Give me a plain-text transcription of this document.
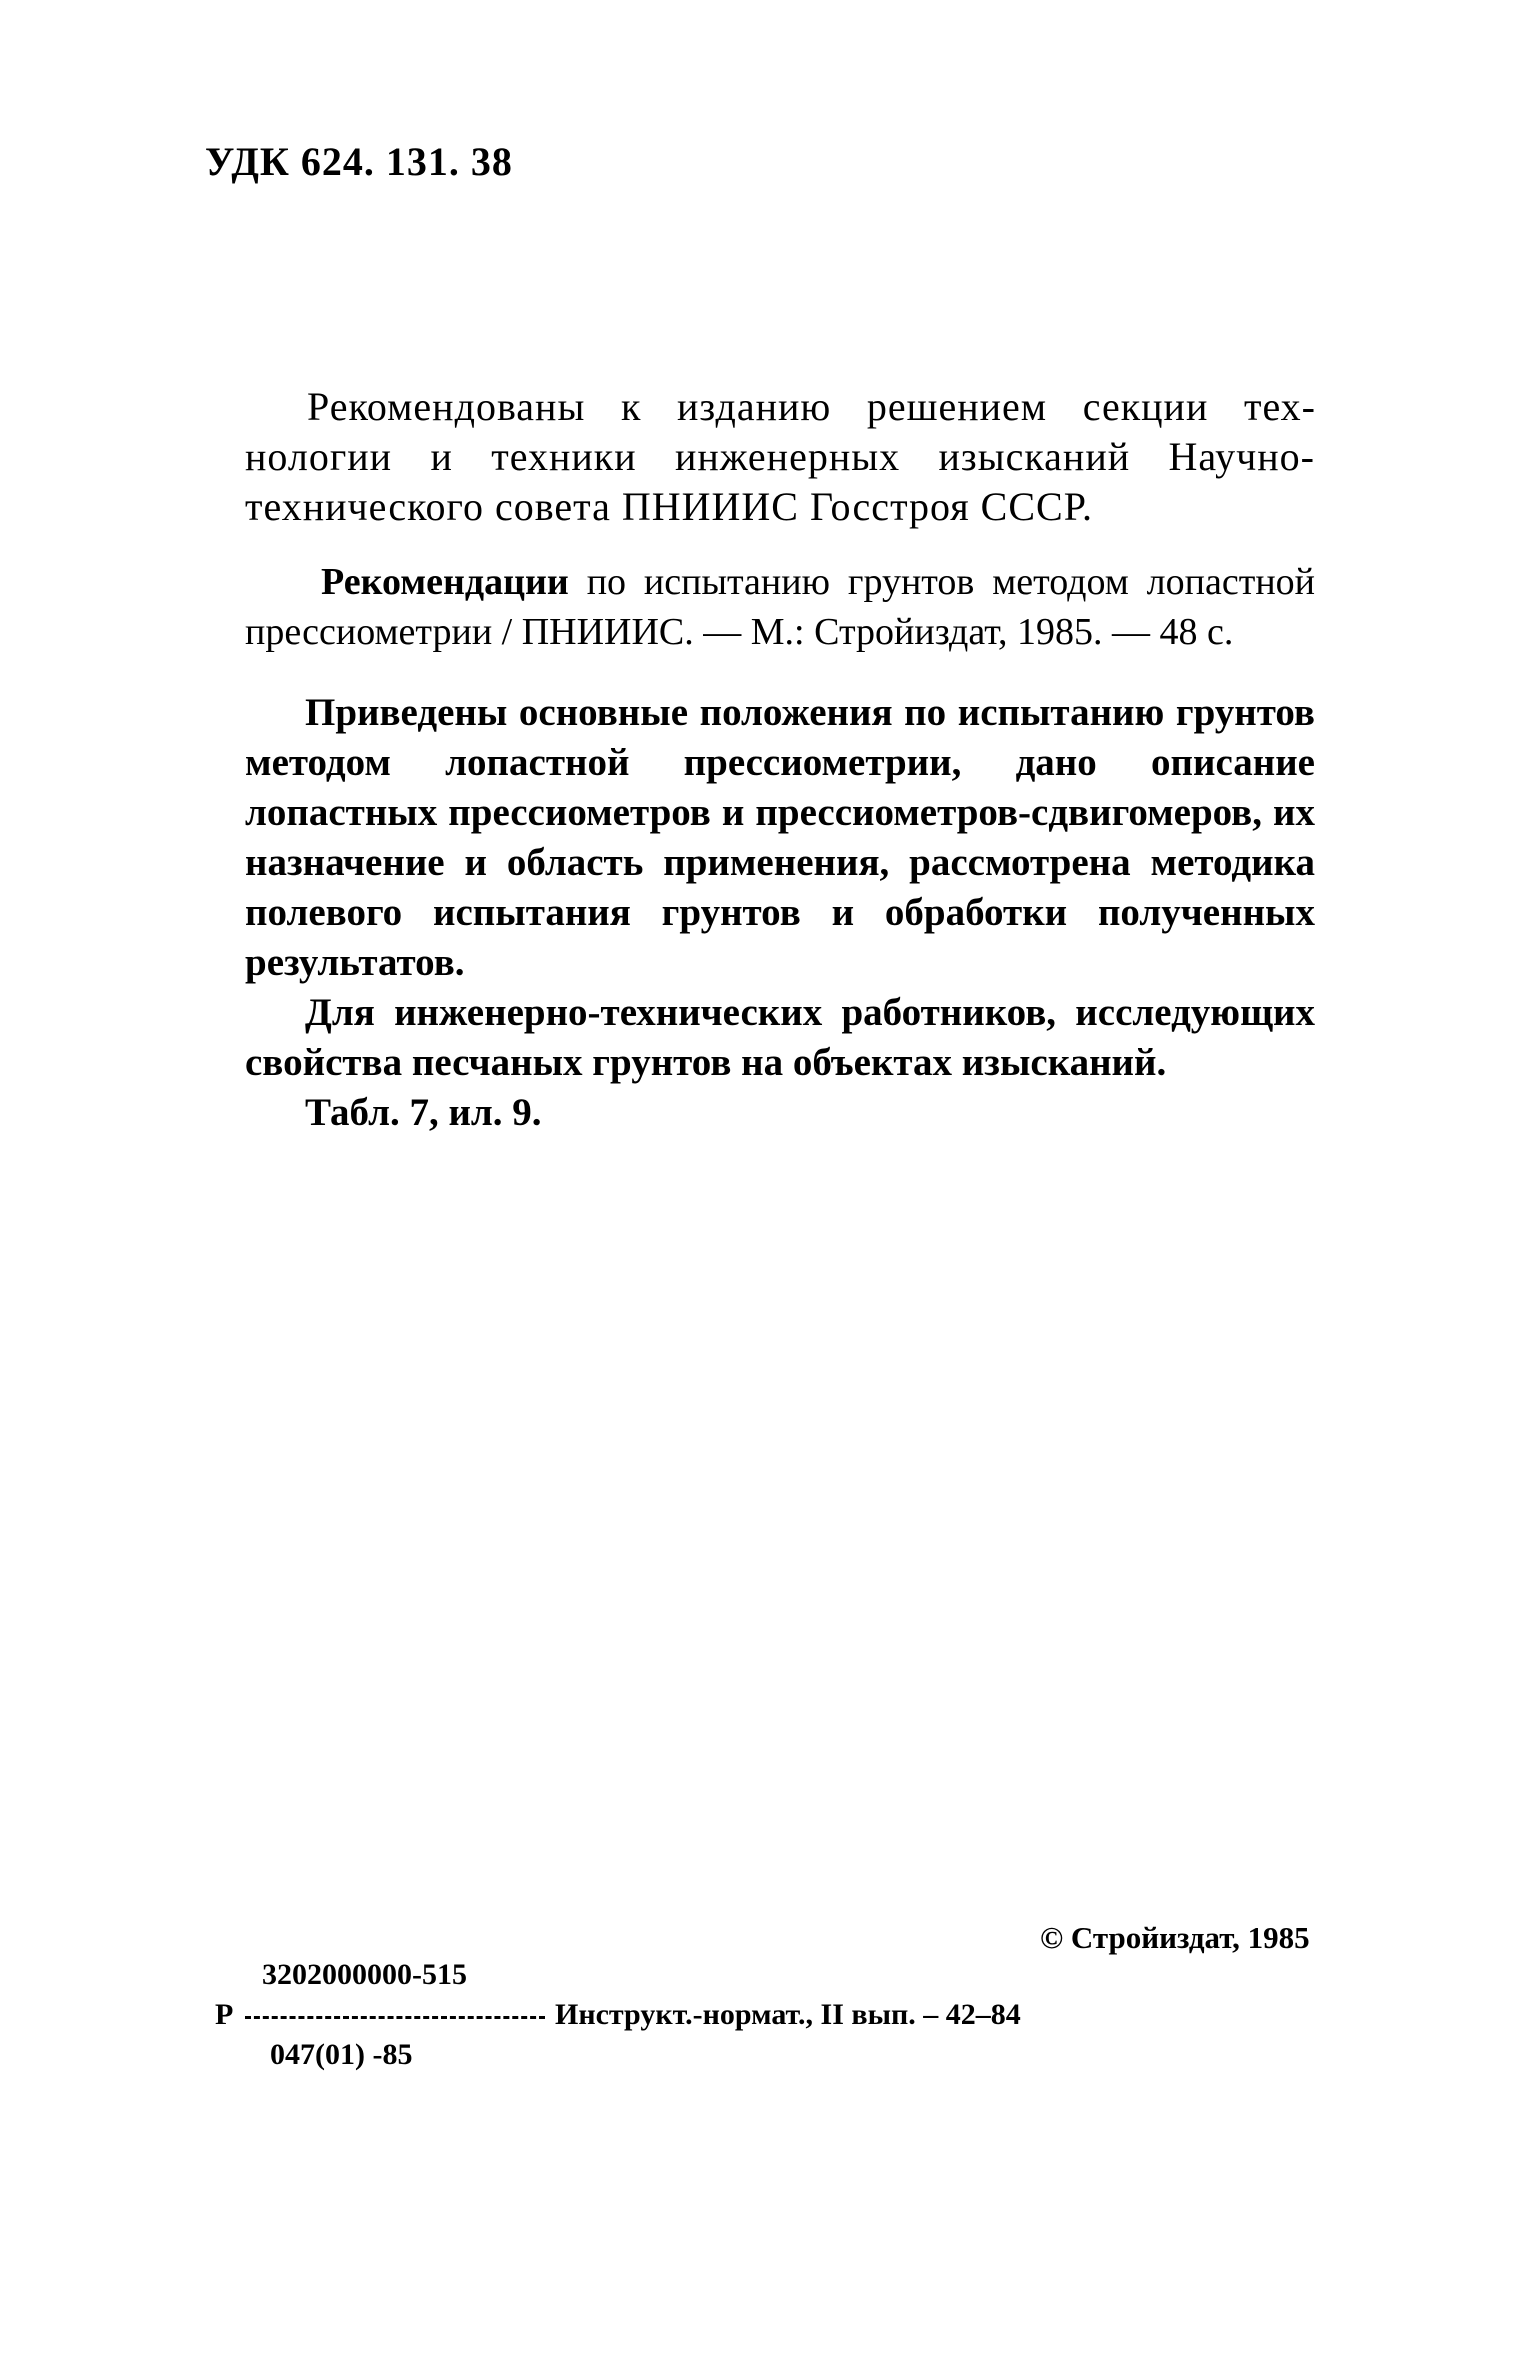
УДК 624. 131. 38

Рекомендованы к изданию решением секции технологии и техники инженерных изысканий Научно-технического совета ПНИИИС Госстроя СССР.

Рекомендации по испытанию грунтов методом лопастной прессиометрии / ПНИИИС. — М.: Стройиздат, 1985. — 48 с.

Приведены основные положения по испытанию грунтов методом лопастной прессиометрии, дано описание лопастных прессиометров и прессиометров-сдвигомеров, их назначение и область применения, рассмотрена методика полевого испытания грунтов и обработки полученных результатов.

Для инженерно-технических работников, исследующих свойства песчаных грунтов на объектах изысканий.

Табл. 7, ил. 9.

© Стройиздат, 1985
Р
3202000000-515
047(01) -85
Инструкт.-нормат., II вып. – 42–84
